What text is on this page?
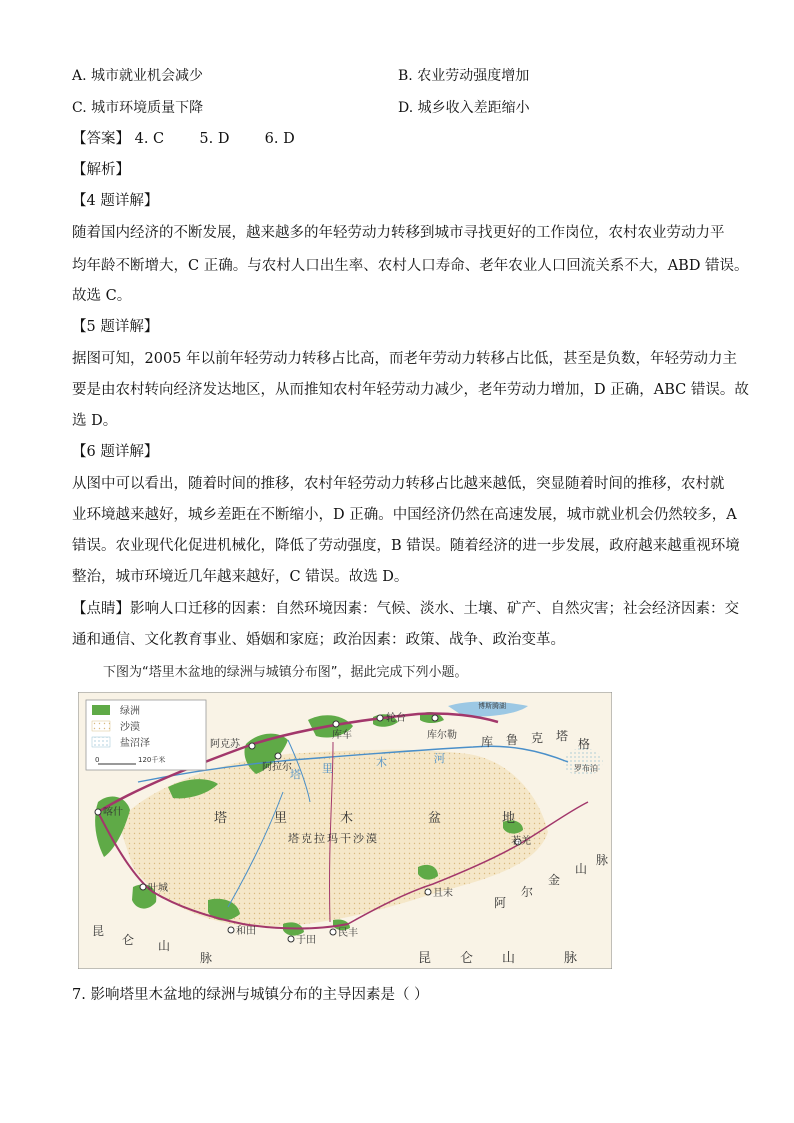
A. 城市就业机会减少	B. 农业劳动强度增加
C. 城市环境质量下降	D. 城乡收入差距缩小
【答案】 4. C 5. D 6. D
【解析】
【4 题详解】
随着国内经济的不断发展，越来越多的年轻劳动力转移到城市寻找更好的工作岗位，农村农业劳动力平
均年龄不断增大，C 正确。与农村人口出生率、农村人口寿命、老年农业人口回流关系不大，ABD 错误。
故选 C。
【5 题详解】
据图可知，2005 年以前年轻劳动力转移占比高，而老年劳动力转移占比低，甚至是负数，年轻劳动力主
要是由农村转向经济发达地区，从而推知农村年轻劳动力减少，老年劳动力增加，D 正确，ABC 错误。故
选 D。
【6 题详解】
从图中可以看出，随着时间的推移，农村年轻劳动力转移占比越来越低，突显随着时间的推移，农村就
业环境越来越好，城乡差距在不断缩小，D 正确。中国经济仍然在高速发展，城市就业机会仍然较多，A
错误。农业现代化促进机械化，降低了劳动强度，B 错误。随着经济的进一步发展，政府越来越重视环境
整治，城市环境近几年越来越好，C 错误。故选 D。
【点睛】影响人口迁移的因素：自然环境因素：气候、淡水、土壤、矿产、自然灾害；社会经济因素：交
通和通信、文化教育事业、婚姻和家庭；政治因素：政策、战争、政治变革。
下图为“塔里木盆地的绿洲与城镇分布图”，据此完成下列小题。
绿洲
沙漠
盐沼泽
0	120千米
阿克苏
库车
轮台
库尔勒
阿拉尔
喀什
叶城
和田
于田
民丰
且末
若羌
塔	里	木	盆	地
塔克拉玛干沙漠
塔 里	木	河
库 鲁 克 塔
格
罗布泊
博斯腾湖
阿
尔
金
山
脉
昆 仑 山	脉
昆
仑 山
脉
7. 影响塔里木盆地的绿洲与城镇分布的主导因素是（ ）
